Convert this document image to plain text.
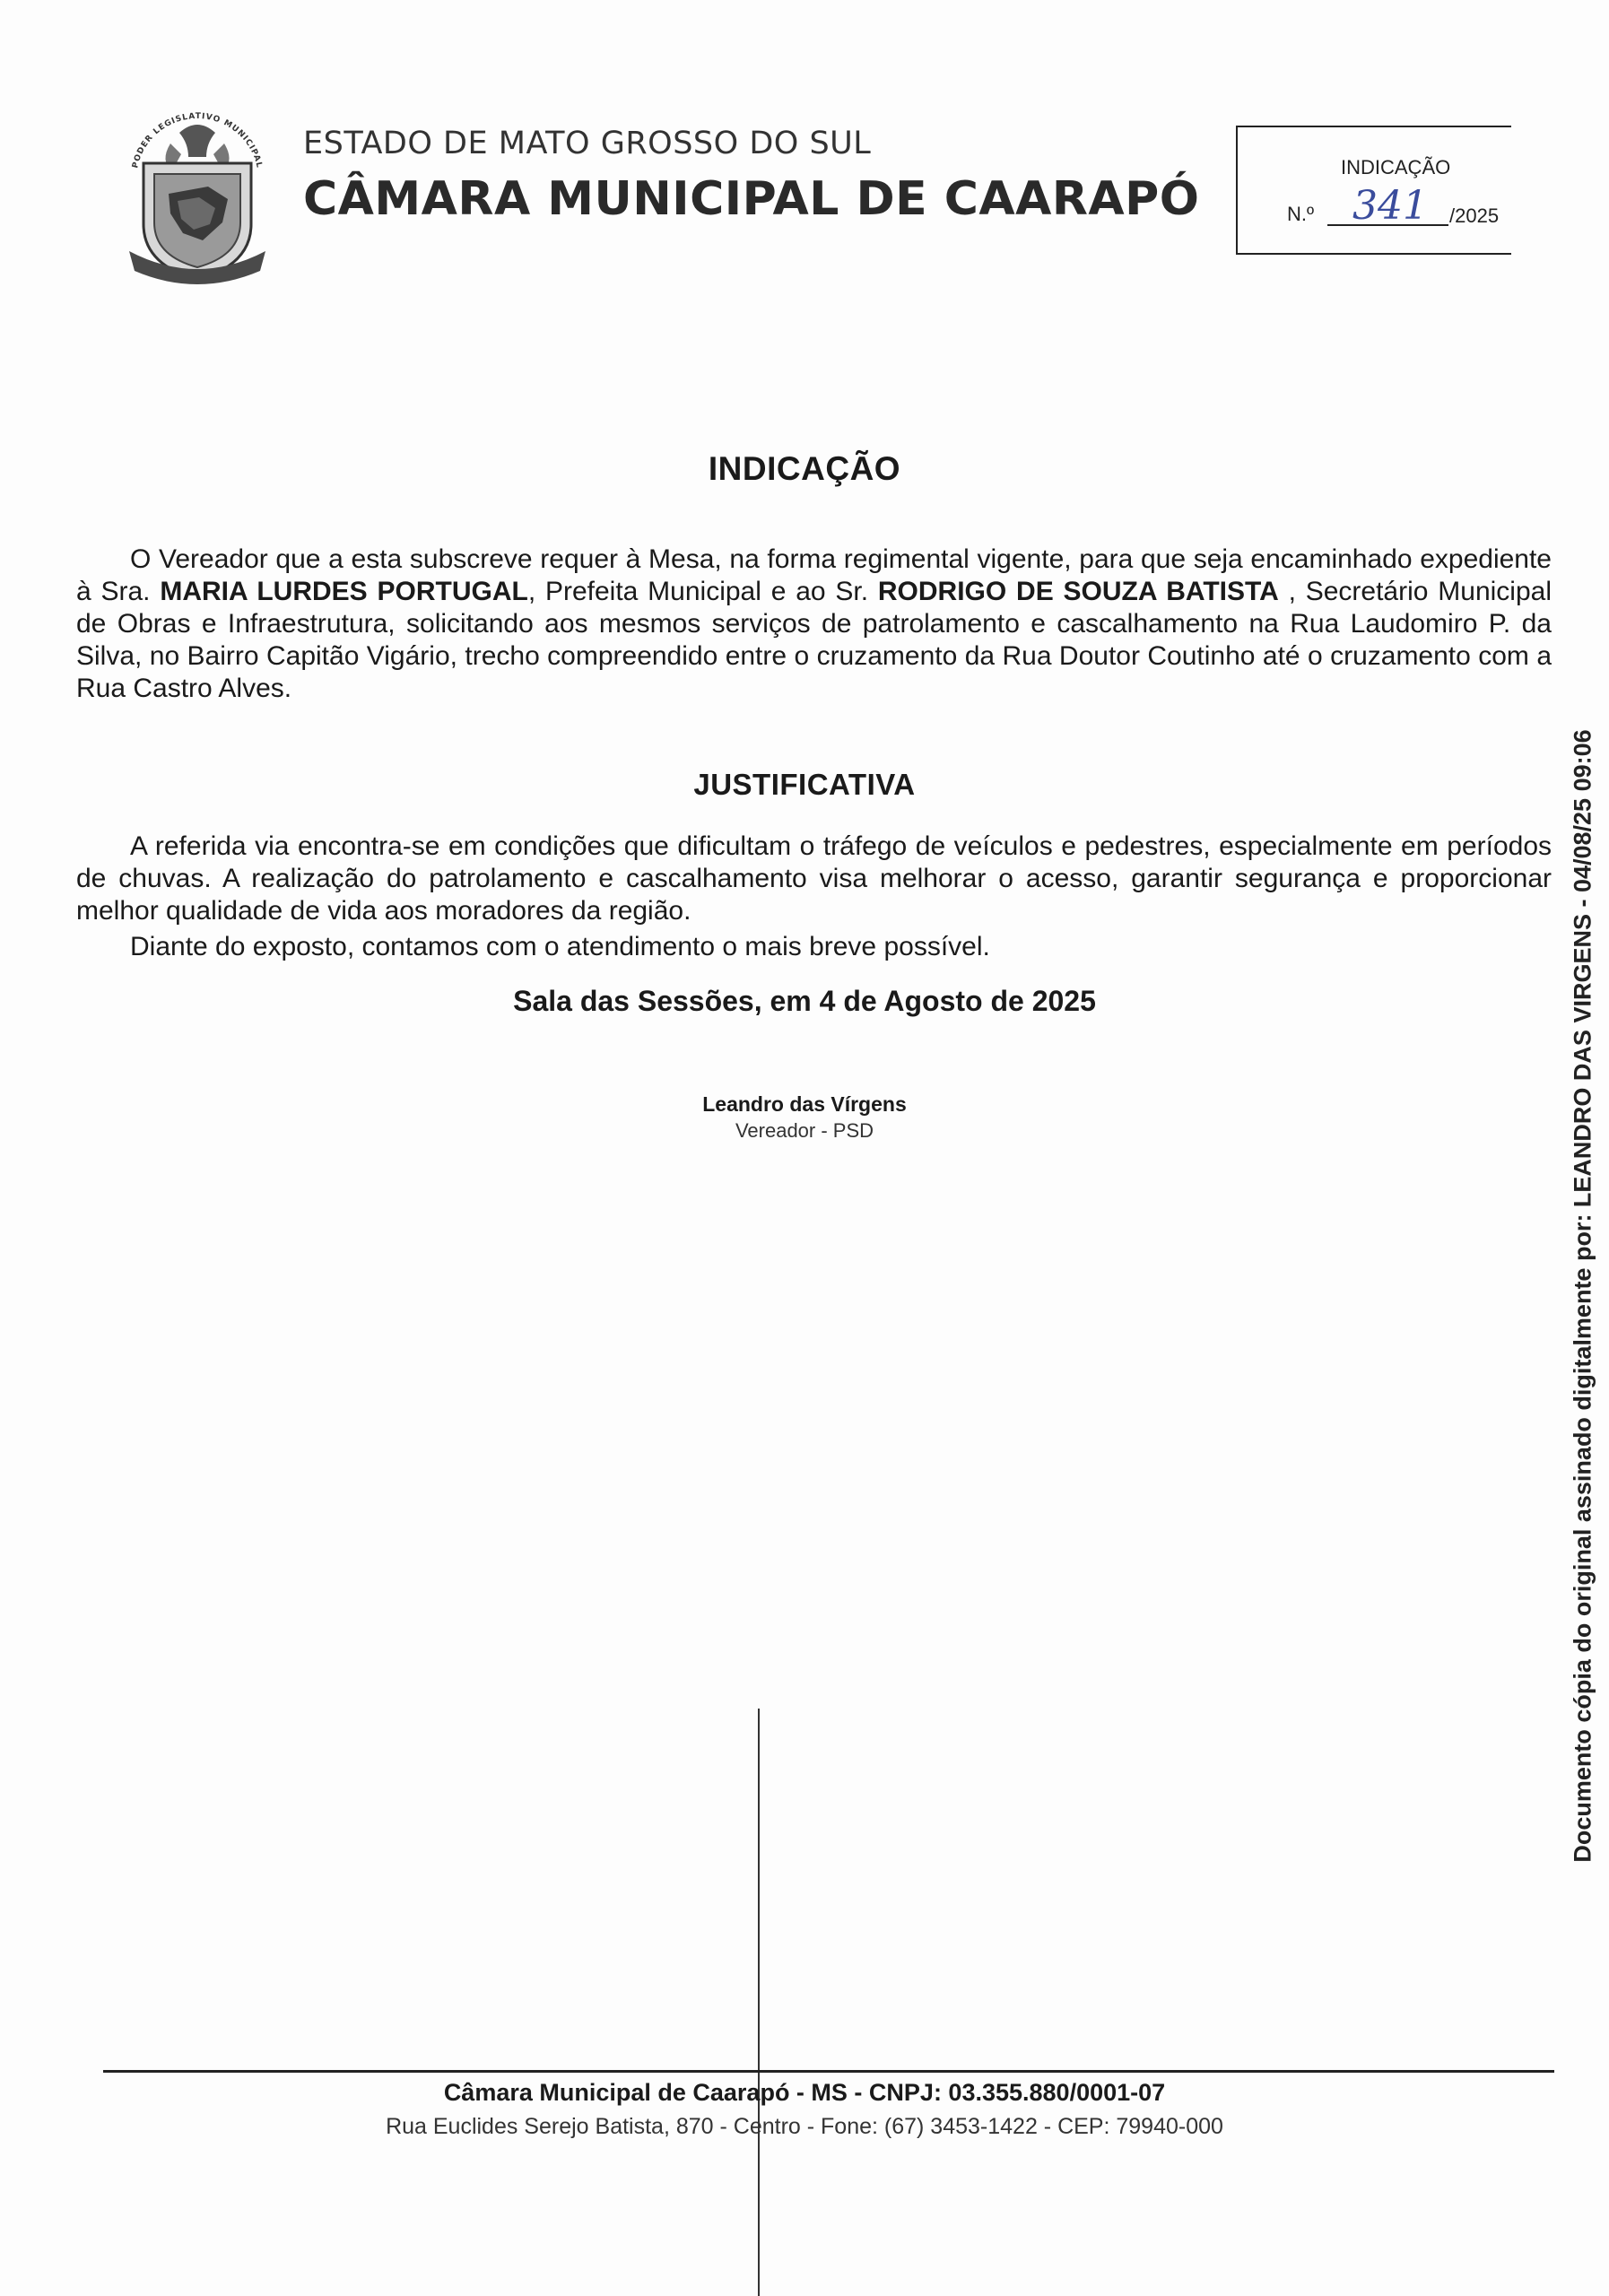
PODER LEGISLATIVO MUNICIPAL
ESTADO DE MATO GROSSO DO SUL
CÂMARA MUNICIPAL DE CAARAPÓ
INDICAÇÃO
N.º 341	/2025
INDICAÇÃO
O Vereador que a esta subscreve requer à Mesa, na forma regimental vigente, para que seja encaminhado expediente à Sra. MARIA LURDES PORTUGAL, Prefeita Municipal e ao Sr. RODRIGO DE SOUZA BATISTA , Secretário Municipal de Obras e Infraestrutura, solicitando aos mesmos serviços de patrolamento e cascalhamento na Rua Laudomiro P. da Silva, no Bairro Capitão Vigário, trecho compreendido entre o cruzamento da Rua Doutor Coutinho até o cruzamento com a Rua Castro Alves.
JUSTIFICATIVA
A referida via encontra-se em condições que dificultam o tráfego de veículos e pedestres, especialmente em períodos de chuvas. A realização do patrolamento e cascalhamento visa melhorar o acesso, garantir segurança e proporcionar melhor qualidade de vida aos moradores da região.
Diante do exposto, contamos com o atendimento o mais breve possível.
Sala das Sessões, em 4 de Agosto de 2025
Leandro das Vírgens
Vereador - PSD
Câmara Municipal de Caarapó - MS - CNPJ: 03.355.880/0001-07
Rua Euclides Serejo Batista, 870 - Centro - Fone: (67) 3453-1422 - CEP: 79940-000
Documento cópia do original assinado digitalmente por: LEANDRO DAS VIRGENS - 04/08/25 09:06
